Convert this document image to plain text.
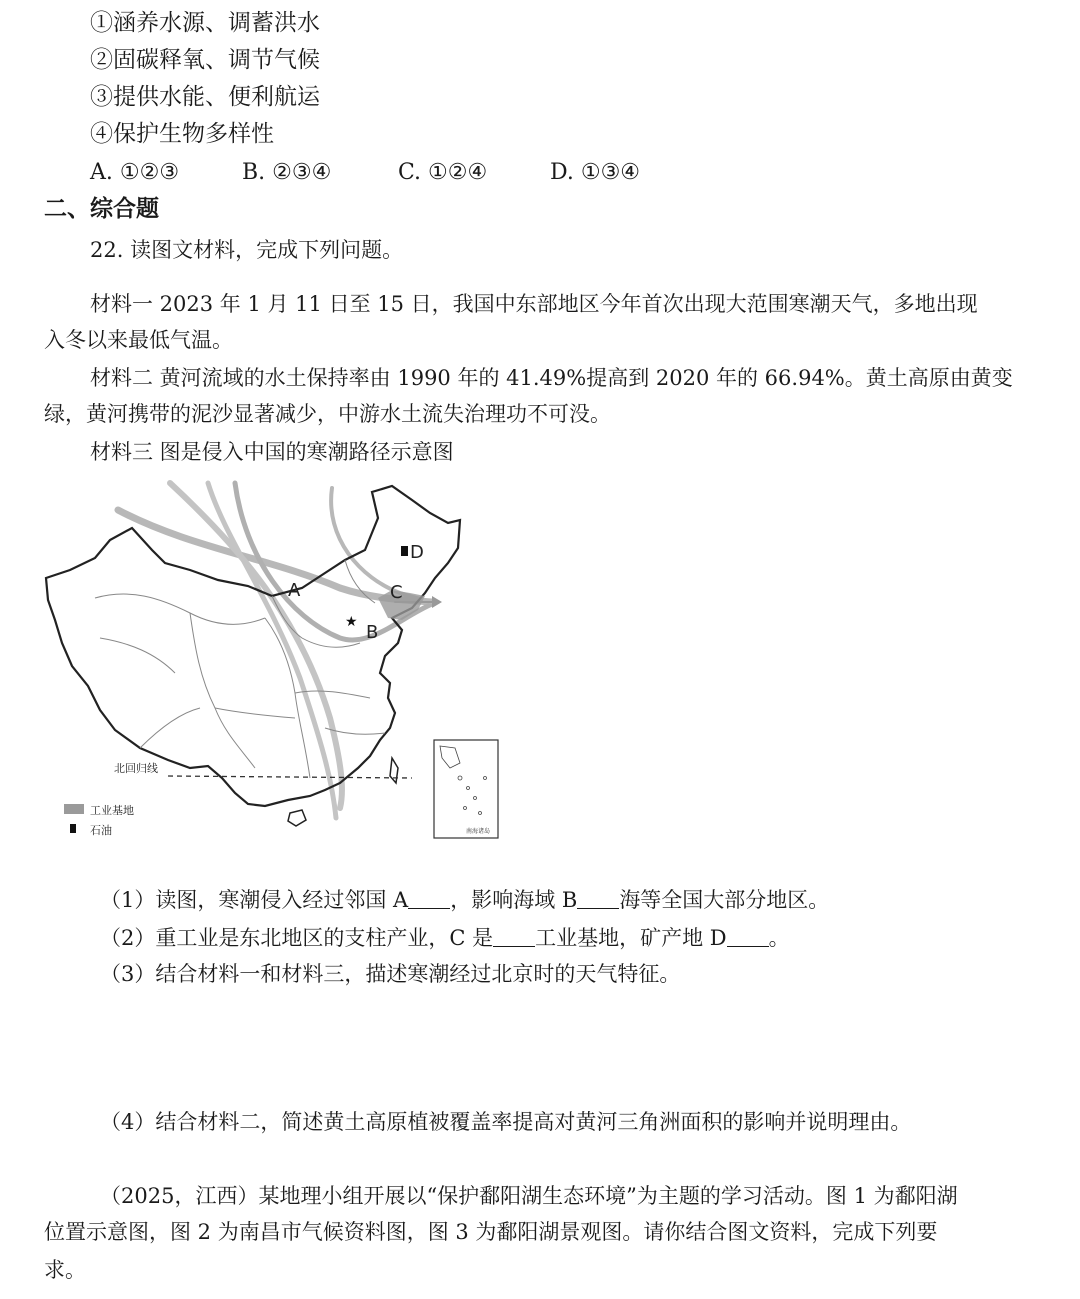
①涵养水源、调蓄洪水
②固碳释氧、调节气候
③提供水能、便利航运
④保护生物多样性
A. ①②③	B. ②③④	C. ①②④	D. ①③④
二、综合题
22. 读图文材料，完成下列问题。
材料一 2023 年 1 月 11 日至 15 日，我国中东部地区今年首次出现大范围寒潮天气，多地出现
入冬以来最低气温。
材料二 黄河流域的水土保持率由 1990 年的 41.49%提高到 2020 年的 66.94%。黄土高原由黄变
绿，黄河携带的泥沙显著减少，中游水土流失治理功不可没。
材料三 图是侵入中国的寒潮路径示意图
北回归线
A
B
C
D
★
南海诸岛
工业基地
石油
（1）读图，寒潮侵入经过邻国 A ，影响海域 B 海等全国大部分地区。
（2）重工业是东北地区的支柱产业，C 是 工业基地，矿产地 D 。
（3）结合材料一和材料三，描述寒潮经过北京时的天气特征。
（4）结合材料二，简述黄土高原植被覆盖率提高对黄河三角洲面积的影响并说明理由。
（2025，江西）某地理小组开展以“保护鄱阳湖生态环境”为主题的学习活动。图 1 为鄱阳湖
位置示意图，图 2 为南昌市气候资料图，图 3 为鄱阳湖景观图。请你结合图文资料，完成下列要
求。
